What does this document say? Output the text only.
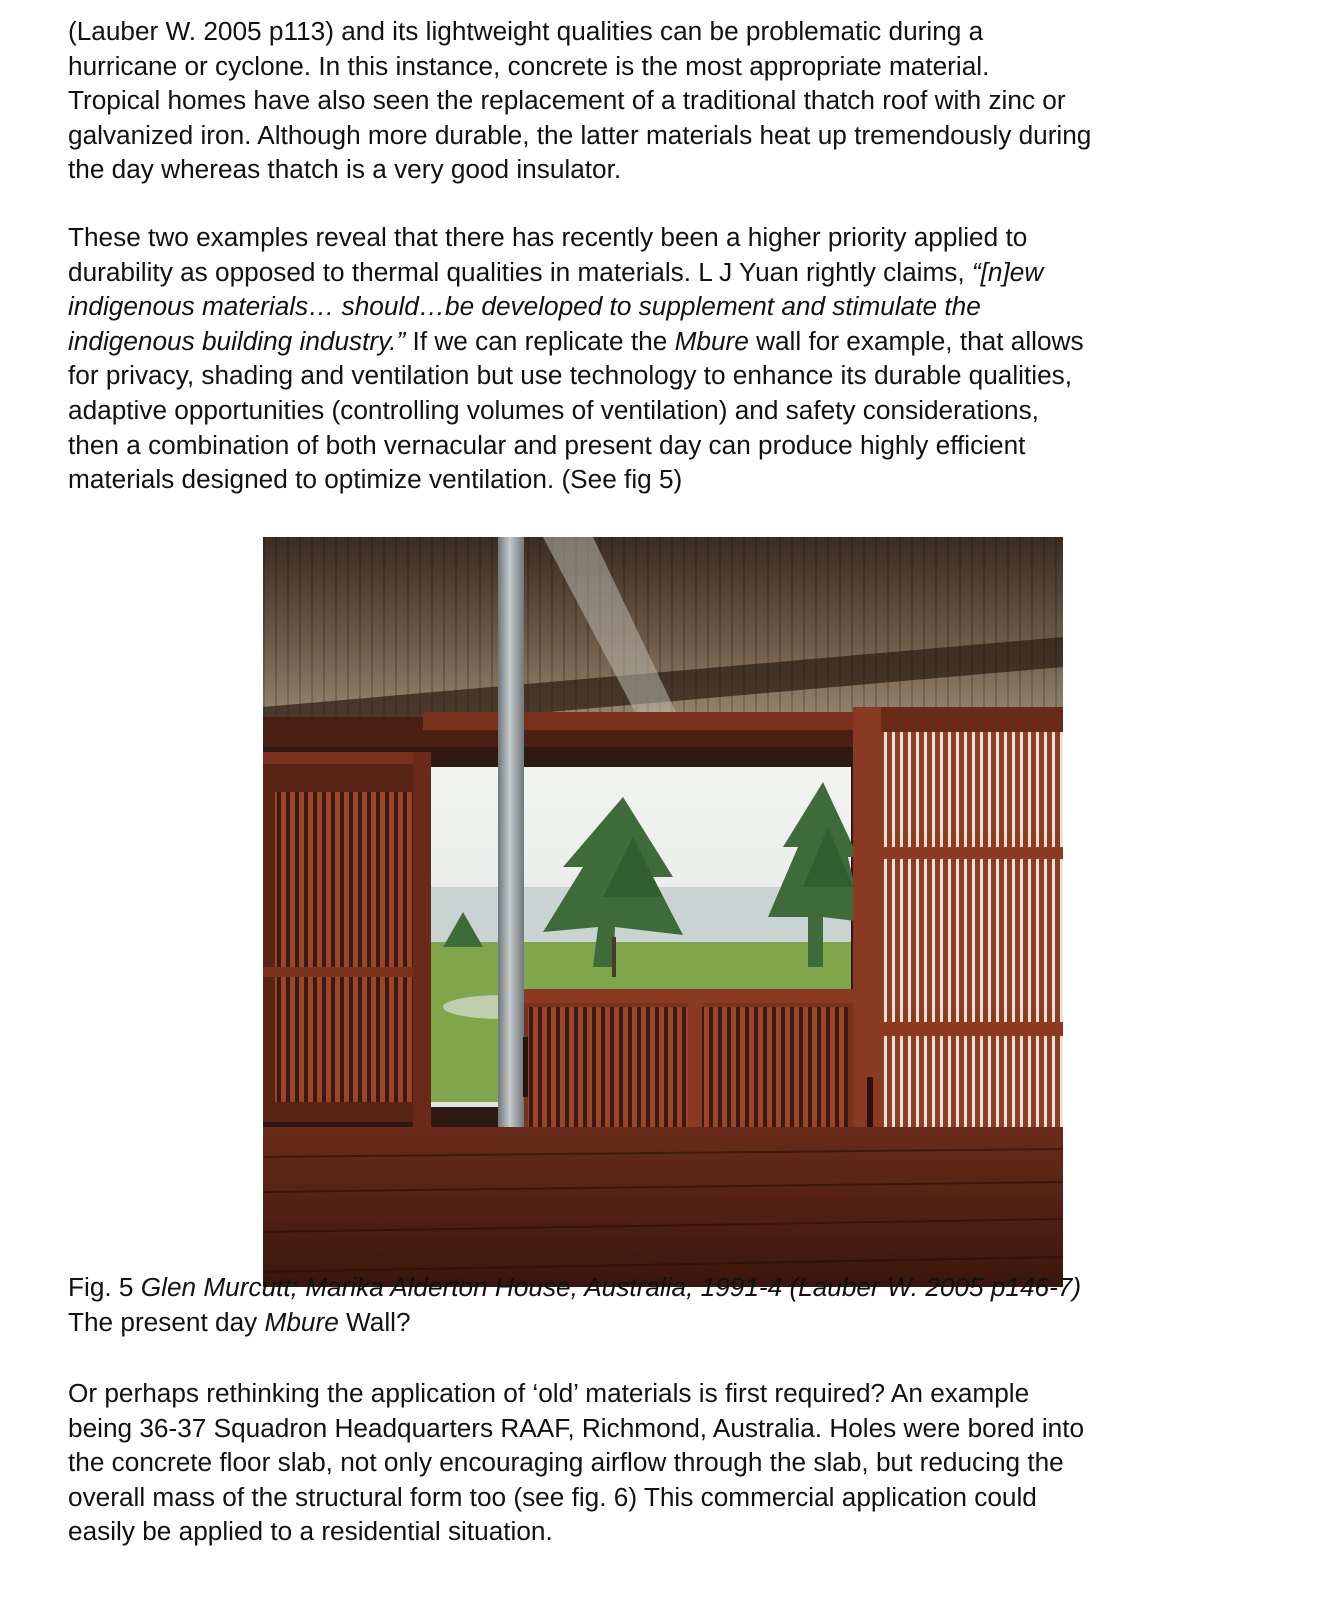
(Lauber W. 2005 p113) and its lightweight qualities can be problematic during a
hurricane or cyclone. In this instance, concrete is the most appropriate material.
Tropical homes have also seen the replacement of a traditional thatch roof with zinc or
galvanized iron. Although more durable, the latter materials heat up tremendously during
the day whereas thatch is a very good insulator.

These two examples reveal that there has recently been a higher priority applied to
durability as opposed to thermal qualities in materials. L J Yuan rightly claims, “[n]ew
indigenous materials… should…be developed to supplement and stimulate the
indigenous building industry.” If we can replicate the Mbure wall for example, that allows
for privacy, shading and ventilation but use technology to enhance its durable qualities,
adaptive opportunities (controlling volumes of ventilation) and safety considerations,
then a combination of both vernacular and present day can produce highly efficient
materials designed to optimize ventilation. (See fig 5)

Fig. 5 Glen Murcutt; Marika Alderton House, Australia, 1991-4 (Lauber W. 2005 p146-7)
The present day Mbure Wall?

Or perhaps rethinking the application of ‘old’ materials is first required? An example
being 36-37 Squadron Headquarters RAAF, Richmond, Australia. Holes were bored into
the concrete floor slab, not only encouraging airflow through the slab, but reducing the
overall mass of the structural form too (see fig. 6) This commercial application could
easily be applied to a residential situation.
